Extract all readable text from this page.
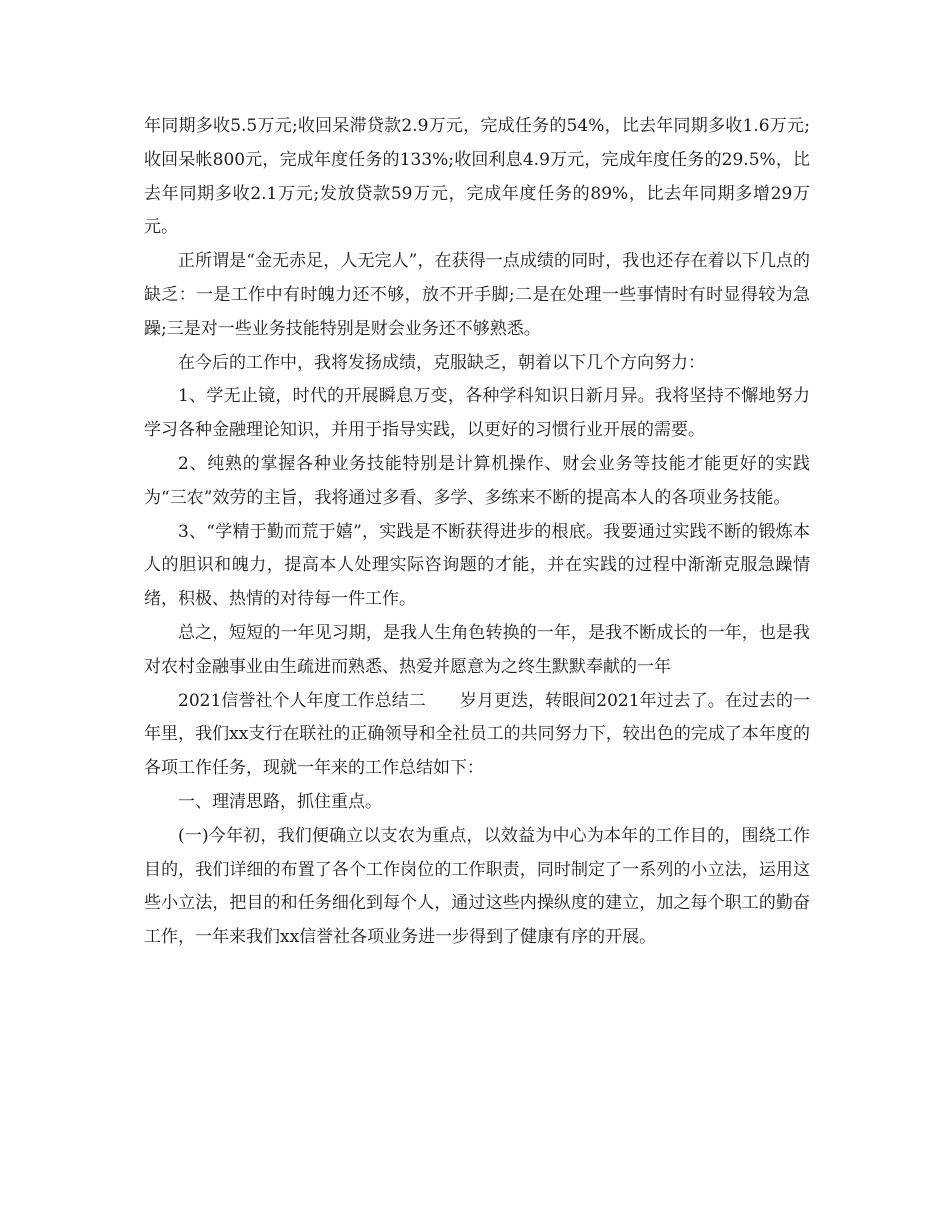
年同期多收5.5万元;收回呆滞贷款2.9万元，完成任务的54%，比去年同期多收1.6万元;收回呆帐800元，完成年度任务的133%;收回利息4.9万元，完成年度任务的29.5%，比去年同期多收2.1万元;发放贷款59万元，完成年度任务的89%，比去年同期多增29万元。

正所谓是“金无赤足，人无完人”，在获得一点成绩的同时，我也还存在着以下几点的缺乏：一是工作中有时魄力还不够，放不开手脚;二是在处理一些事情时有时显得较为急躁;三是对一些业务技能特别是财会业务还不够熟悉。

在今后的工作中，我将发扬成绩，克服缺乏，朝着以下几个方向努力：

1、学无止镜，时代的开展瞬息万变，各种学科知识日新月异。我将坚持不懈地努力学习各种金融理论知识，并用于指导实践，以更好的习惯行业开展的需要。

2、纯熟的掌握各种业务技能特别是计算机操作、财会业务等技能才能更好的实践为“三农”效劳的主旨，我将通过多看、多学、多练来不断的提高本人的各项业务技能。

3、“学精于勤而荒于嬉”，实践是不断获得进步的根底。我要通过实践不断的锻炼本人的胆识和魄力，提高本人处理实际咨询题的才能，并在实践的过程中渐渐克服急躁情绪，积极、热情的对待每一件工作。

总之，短短的一年见习期，是我人生角色转换的一年，是我不断成长的一年，也是我对农村金融事业由生疏进而熟悉、热爱并愿意为之终生默默奉献的一年

2021信誉社个人年度工作总结二　　岁月更迭，转眼间2021年过去了。在过去的一年里，我们xx支行在联社的正确领导和全社员工的共同努力下，较出色的完成了本年度的各项工作任务，现就一年来的工作总结如下：

一、理清思路，抓住重点。

(一)今年初，我们便确立以支农为重点，以效益为中心为本年的工作目的，围绕工作目的，我们详细的布置了各个工作岗位的工作职责，同时制定了一系列的小立法，运用这些小立法，把目的和任务细化到每个人，通过这些内操纵度的建立，加之每个职工的勤奋工作，一年来我们xx信誉社各项业务进一步得到了健康有序的开展。
